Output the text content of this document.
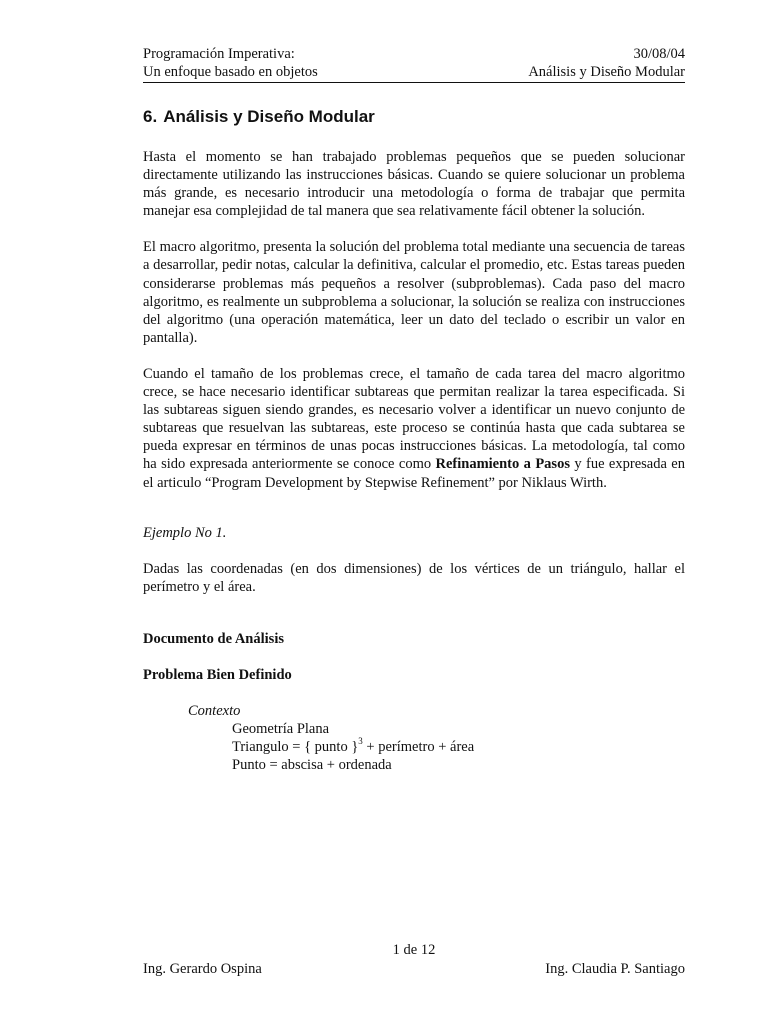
Programación Imperativa:	30/08/04
Un enfoque basado en objetos	Análisis y Diseño Modular
6. Análisis y Diseño Modular

Hasta el momento se han trabajado problemas pequeños que se pueden solucionar directamente utilizando las instrucciones básicas. Cuando se quiere solucionar un problema más grande, es necesario introducir una metodología o forma de trabajar que permita manejar esa complejidad de tal manera que sea relativamente fácil obtener la solución.

El macro algoritmo, presenta la solución del problema total mediante una secuencia de tareas a desarrollar, pedir notas, calcular la definitiva, calcular el promedio, etc. Estas tareas pueden considerarse problemas más pequeños a resolver (subproblemas). Cada paso del macro algoritmo, es realmente un subproblema a solucionar, la solución se realiza con instrucciones del algoritmo (una operación matemática, leer un dato del teclado o escribir un valor en pantalla).

Cuando el tamaño de los problemas crece, el tamaño de cada tarea del macro algoritmo crece, se hace necesario identificar subtareas que permitan realizar la tarea especificada. Si las subtareas siguen siendo grandes, es necesario volver a identificar un nuevo conjunto de subtareas que resuelvan las subtareas, este proceso se continúa hasta que cada subtarea se pueda expresar en términos de unas pocas instrucciones básicas. La metodología, tal como ha sido expresada anteriormente se conoce como Refinamiento a Pasos y fue expresada en el articulo “Program Development by Stepwise Refinement” por Niklaus Wirth.

Ejemplo No 1.

Dadas las coordenadas (en dos dimensiones) de los vértices de un triángulo, hallar el perímetro y el área.

Documento de Análisis
Problema Bien Definido
Contexto
Geometría Plana
Triangulo = { punto }$^3$ + perímetro + área
Punto = abscisa + ordenada
1 de 12
Ing. Gerardo Ospina	Ing. Claudia P. Santiago
